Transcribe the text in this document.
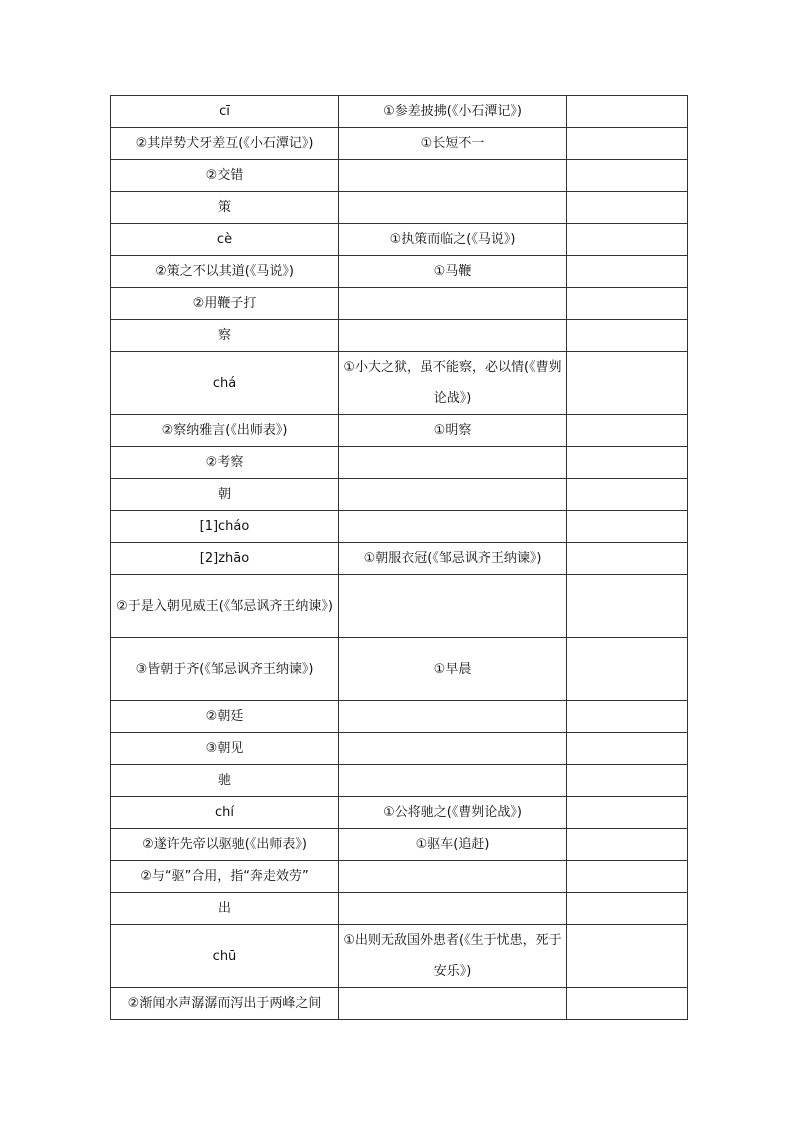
cī	①参差披拂(《小石潭记》)	
②其岸势犬牙差互(《小石潭记》)	①长短不一	
②交错		
策		
cè	①执策而临之(《马说》)	
②策之不以其道(《马说》)	①马鞭	
②用鞭子打		
察		
chá	①小大之狱，虽不能察，必以情(《曹刿论战》)	
②察纳雅言(《出师表》)	①明察	
②考察		
朝		
[1]cháo		
[2]zhāo	①朝服衣冠(《邹忌讽齐王纳谏》)	
②于是入朝见威王(《邹忌讽齐王纳谏》)		
③皆朝于齐(《邹忌讽齐王纳谏》)	①早晨	
②朝廷		
③朝见		
驰		
chí	①公将驰之(《曹刿论战》)	
②遂许先帝以驱驰(《出师表》)	①驱车(追赶)	
②与“驱”合用，指“奔走效劳”		
出		
chū	①出则无敌国外患者(《生于忧患，死于安乐》)	
②渐闻水声潺潺而泻出于两峰之间		
